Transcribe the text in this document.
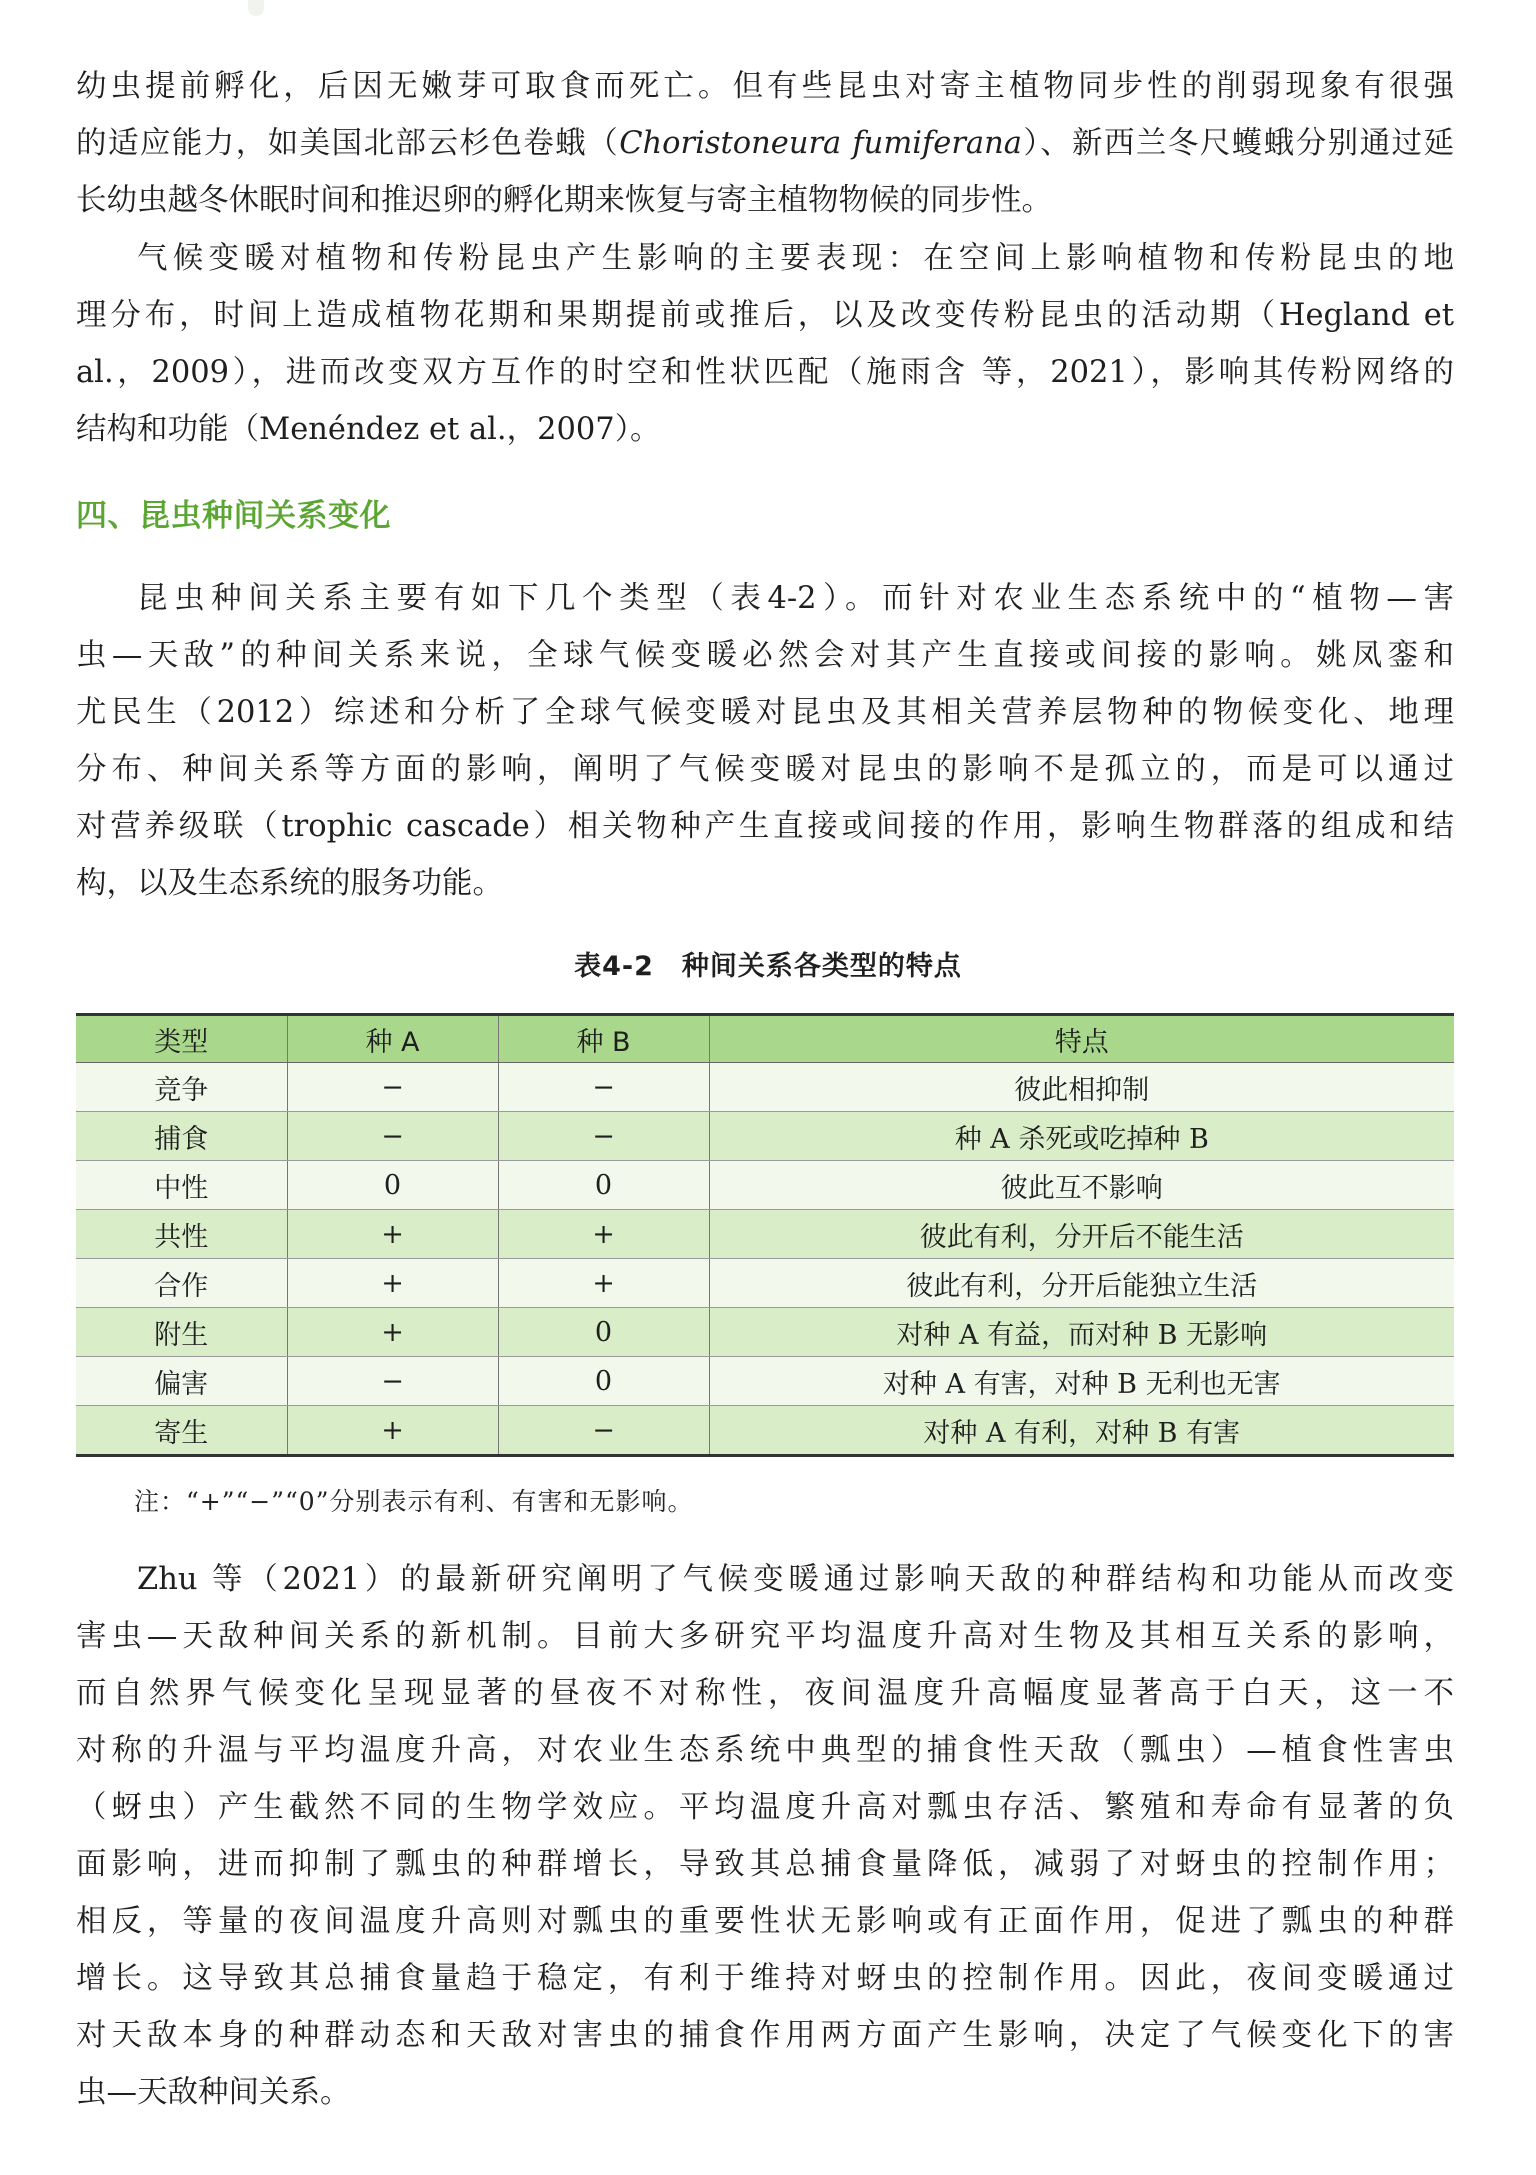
幼虫提前孵化，后因无嫩芽可取食而死亡。但有些昆虫对寄主植物同步性的削弱现象有很强
的适应能力，如美国北部云杉色卷蛾（Choristoneura fumiferana）、新西兰冬尺蠖蛾分别通过延
长幼虫越冬休眠时间和推迟卵的孵化期来恢复与寄主植物物候的同步性。
气候变暖对植物和传粉昆虫产生影响的主要表现：在空间上影响植物和传粉昆虫的地
理分布，时间上造成植物花期和果期提前或推后，以及改变传粉昆虫的活动期（Hegland et
al.，2009），进而改变双方互作的时空和性状匹配（施雨含 等，2021），影响其传粉网络的
结构和功能（Menéndez et al.，2007）。
四、昆虫种间关系变化
昆虫种间关系主要有如下几个类型（表4-2）。而针对农业生态系统中的“植物—害
虫—天敌”的种间关系来说，全球气候变暖必然会对其产生直接或间接的影响。姚凤銮和
尤民生（2012）综述和分析了全球气候变暖对昆虫及其相关营养层物种的物候变化、地理
分布、种间关系等方面的影响，阐明了气候变暖对昆虫的影响不是孤立的，而是可以通过
对营养级联（trophic cascade）相关物种产生直接或间接的作用，影响生物群落的组成和结
构，以及生态系统的服务功能。
表4-2　种间关系各类型的特点
类型	种 A	种 B	特点
竞争	−	−	彼此相抑制
捕食	−	−	种 A 杀死或吃掉种 B
中性	0	0	彼此互不影响
共性	+	+	彼此有利，分开后不能生活
合作	+	+	彼此有利，分开后能独立生活
附生	+	0	对种 A 有益，而对种 B 无影响
偏害	−	0	对种 A 有害，对种 B 无利也无害
寄生	+	−	对种 A 有利，对种 B 有害
注：“+”“−”“0”分别表示有利、有害和无影响。
Zhu 等（2021）的最新研究阐明了气候变暖通过影响天敌的种群结构和功能从而改变
害虫—天敌种间关系的新机制。目前大多研究平均温度升高对生物及其相互关系的影响，
而自然界气候变化呈现显著的昼夜不对称性，夜间温度升高幅度显著高于白天，这一不
对称的升温与平均温度升高，对农业生态系统中典型的捕食性天敌（瓢虫）—植食性害虫
（蚜虫）产生截然不同的生物学效应。平均温度升高对瓢虫存活、繁殖和寿命有显著的负
面影响，进而抑制了瓢虫的种群增长，导致其总捕食量降低，减弱了对蚜虫的控制作用；
相反，等量的夜间温度升高则对瓢虫的重要性状无影响或有正面作用，促进了瓢虫的种群
增长。这导致其总捕食量趋于稳定，有利于维持对蚜虫的控制作用。因此，夜间变暖通过
对天敌本身的种群动态和天敌对害虫的捕食作用两方面产生影响，决定了气候变化下的害
虫—天敌种间关系。
